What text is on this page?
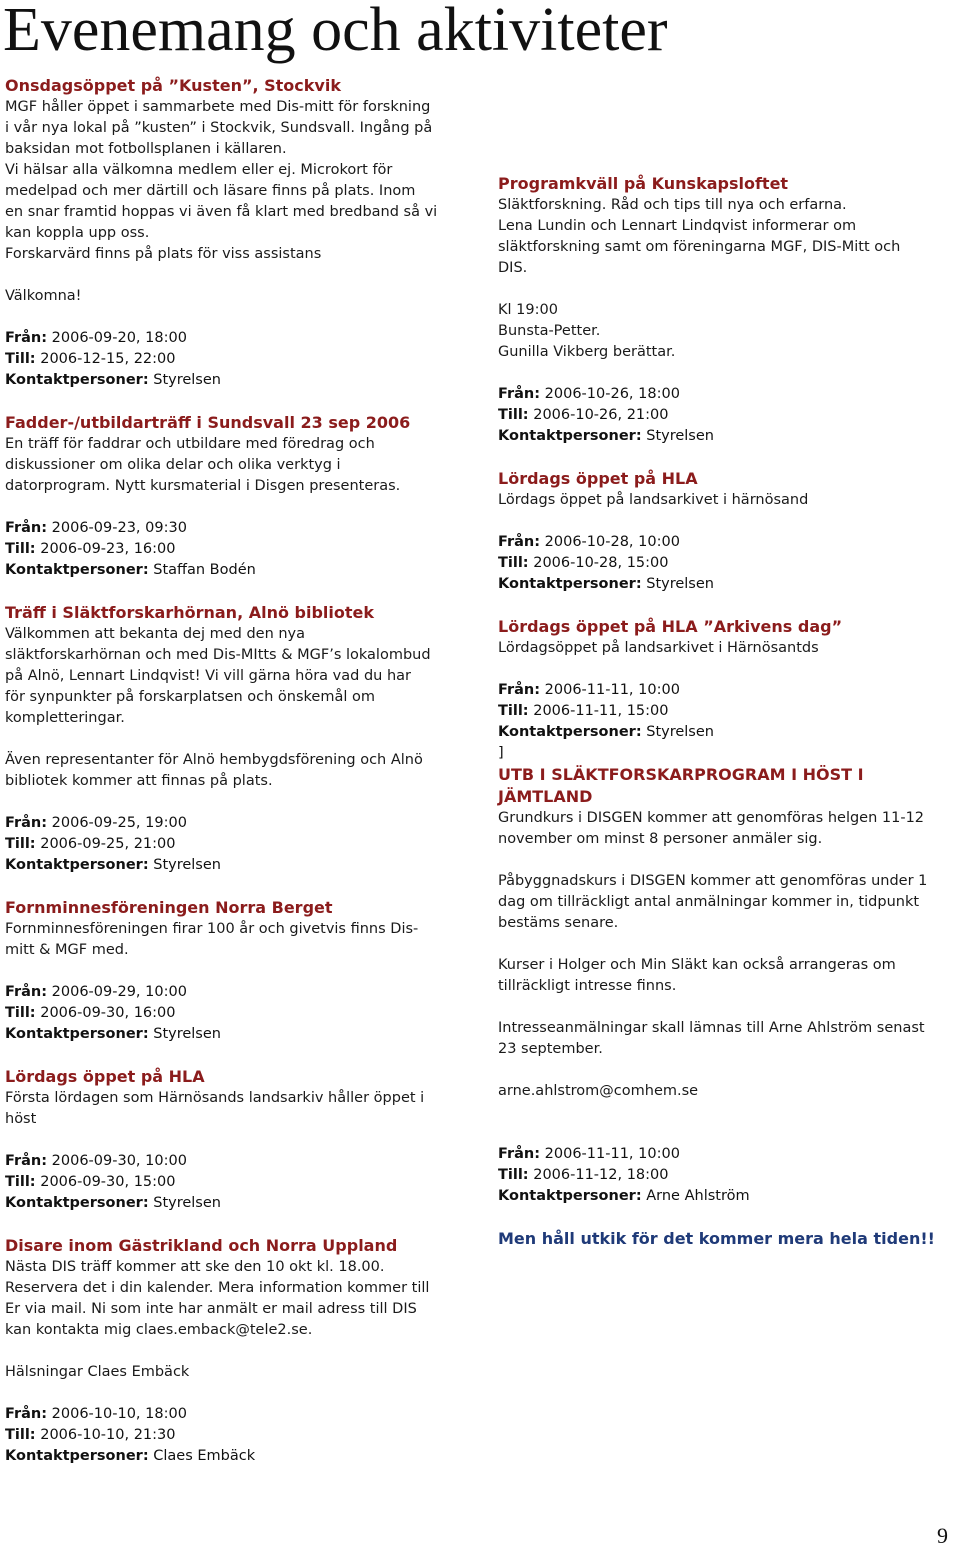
Evenemang och aktiviteter
Onsdagsöppet på ”Kusten”, Stockvik
MGF håller öppet i sammarbete med Dis-mitt för forskning
i vår nya lokal på ”kusten” i Stockvik, Sundsvall. Ingång på
baksidan mot fotbollsplanen i källaren.
Vi hälsar alla välkomna medlem eller ej. Microkort för
medelpad och mer därtill och läsare finns på plats. Inom
en snar framtid hoppas vi även få klart med bredband så vi
kan koppla upp oss.
Forskarvärd finns på plats för viss assistans
Välkomna!
Från: 2006-09-20, 18:00
Till: 2006-12-15, 22:00
Kontaktpersoner: Styrelsen
Fadder-/utbildarträff i Sundsvall 23 sep 2006
En träff för faddrar och utbildare med föredrag och
diskussioner om olika delar och olika verktyg i
datorprogram. Nytt kursmaterial i Disgen presenteras.
Från: 2006-09-23, 09:30
Till: 2006-09-23, 16:00
Kontaktpersoner: Staffan Bodén
Träff i Släktforskarhörnan, Alnö bibliotek
Välkommen att bekanta dej med den nya
släktforskarhörnan och med Dis-MItts & MGF’s lokalombud
på Alnö, Lennart Lindqvist! Vi vill gärna höra vad du har
för synpunkter på forskarplatsen och önskemål om
kompletteringar.
Även representanter för Alnö hembygdsförening och Alnö
bibliotek kommer att finnas på plats.
Från: 2006-09-25, 19:00
Till: 2006-09-25, 21:00
Kontaktpersoner: Styrelsen
Fornminnesföreningen Norra Berget
Fornminnesföreningen firar 100 år och givetvis finns Dis-
mitt & MGF med.
Från: 2006-09-29, 10:00
Till: 2006-09-30, 16:00
Kontaktpersoner: Styrelsen
Lördags öppet på HLA
Första lördagen som Härnösands landsarkiv håller öppet i
höst
Från: 2006-09-30, 10:00
Till: 2006-09-30, 15:00
Kontaktpersoner: Styrelsen
Disare inom Gästrikland och Norra Uppland
Nästa DIS träff kommer att ske den 10 okt kl. 18.00.
Reservera det i din kalender. Mera information kommer till
Er via mail. Ni som inte har anmält er mail adress till DIS
kan kontakta mig claes.emback@tele2.se.
Hälsningar Claes Embäck
Från: 2006-10-10, 18:00
Till: 2006-10-10, 21:30
Kontaktpersoner: Claes Embäck
Programkväll på Kunskapsloftet
Släktforskning. Råd och tips till nya och erfarna.
Lena Lundin och Lennart Lindqvist informerar om
släktforskning samt om föreningarna MGF, DIS-Mitt och
DIS.
Kl 19:00
Bunsta-Petter.
Gunilla Vikberg berättar.
Från: 2006-10-26, 18:00
Till: 2006-10-26, 21:00
Kontaktpersoner: Styrelsen
Lördags öppet på HLA
Lördags öppet på landsarkivet i härnösand
Från: 2006-10-28, 10:00
Till: 2006-10-28, 15:00
Kontaktpersoner: Styrelsen
Lördags öppet på HLA ”Arkivens dag”
Lördagsöppet på landsarkivet i Härnösantds
Från: 2006-11-11, 10:00
Till: 2006-11-11, 15:00
Kontaktpersoner: Styrelsen
]
UTB I SLÄKTFORSKARPROGRAM I HÖST I
JÄMTLAND
Grundkurs i DISGEN kommer att genomföras helgen 11-12
november om minst 8 personer anmäler sig.
Påbyggnadskurs i DISGEN kommer att genomföras under 1
dag om tillräckligt antal anmälningar kommer in, tidpunkt
bestäms senare.
Kurser i Holger och Min Släkt kan också arrangeras om
tillräckligt intresse finns.
Intresseanmälningar skall lämnas till Arne Ahlström senast
23 september.
arne.ahlstrom@comhem.se
Från: 2006-11-11, 10:00
Till: 2006-11-12, 18:00
Kontaktpersoner: Arne Ahlström
Men håll utkik för det kommer mera hela tiden!!
9
